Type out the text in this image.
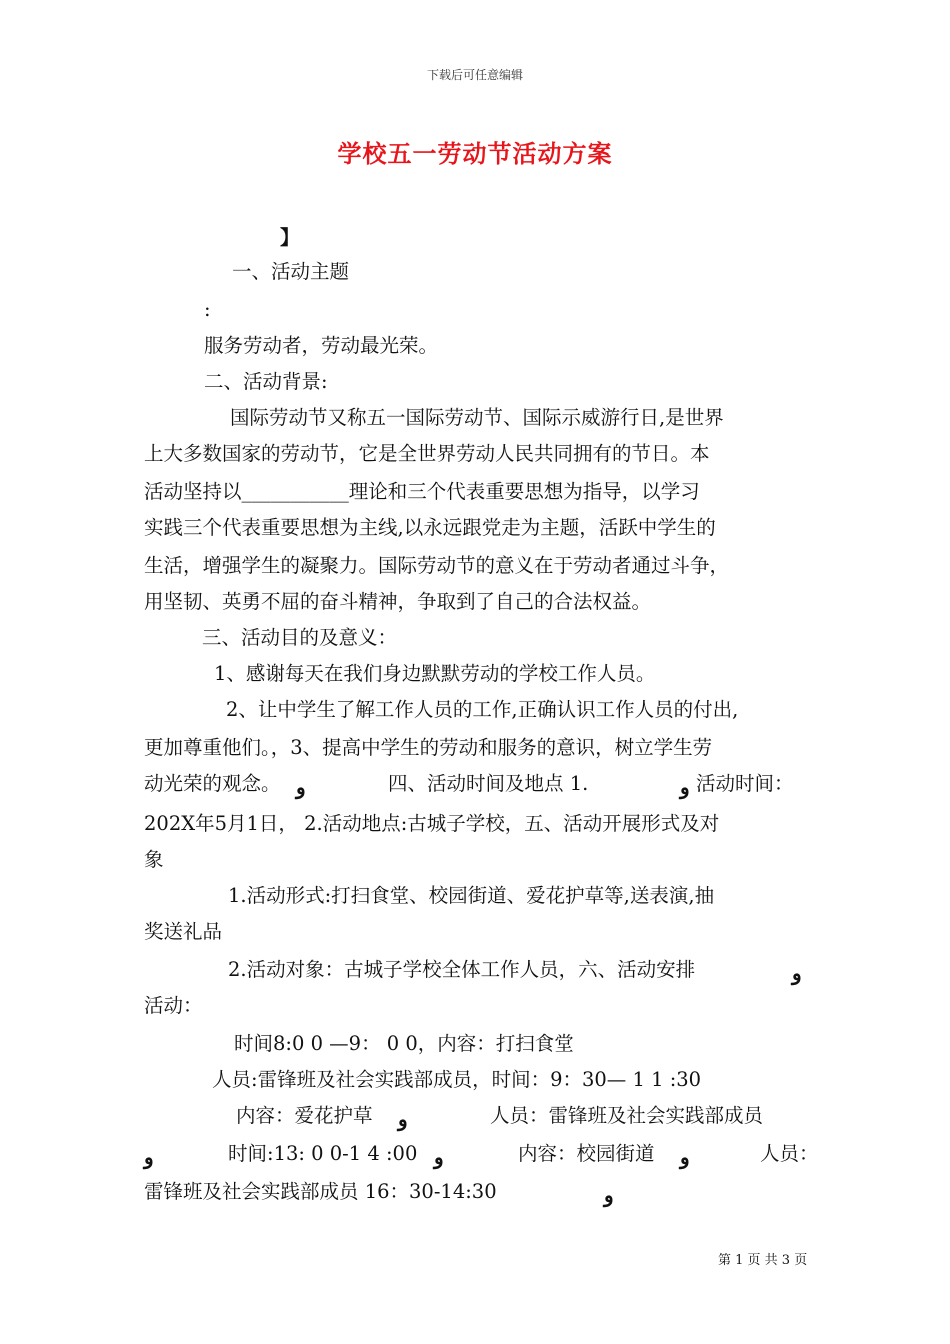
下载后可任意编辑
学校五一劳动节活动方案
】
一、活动主题
:
服务劳动者，劳动最光荣。
二、活动背景:
国际劳动节又称五一国际劳动节、国际示威游行日,是世界
上大多数国家的劳动节，它是全世界劳动人民共同拥有的节日。本
活动坚持以___________理论和三个代表重要思想为指导，以学习
实践三个代表重要思想为主线,以永远跟党走为主题，活跃中学生的
生活，增强学生的凝聚力。国际劳动节的意义在于劳动者通过斗争，
用坚韧、英勇不屈的奋斗精神，争取到了自己的合法权益。
三、活动目的及意义：
1、感谢每天在我们身边默默劳动的学校工作人员。
2、让中学生了解工作人员的工作,正确认识工作人员的付出,
更加尊重他们。，3、提高中学生的劳动和服务的意识，树立学生劳
动光荣的观念。 و	四、活动时间及地点 1.	و 活动时间：
202X年5月1日， 2.活动地点:古城子学校，五、活动开展形式及对
象
1.活动形式:打扫食堂、校园街道、爱花护草等,送表演,抽
奖送礼品
2.活动对象：古城子学校全体工作人员，六、活动安排	و
活动：
时间8:0 0 —9： 0 0，内容：打扫食堂
人员:雷锋班及社会实践部成员，时间：9：30— 1 1 :30
内容：爱花护草 و	人员：雷锋班及社会实践部成员
و	时间:13: 0 0-1 4 :00 و	内容：校园街道 و	人员：
雷锋班及社会实践部成员 16：30-14:30	و
第 1 页 共 3 页
